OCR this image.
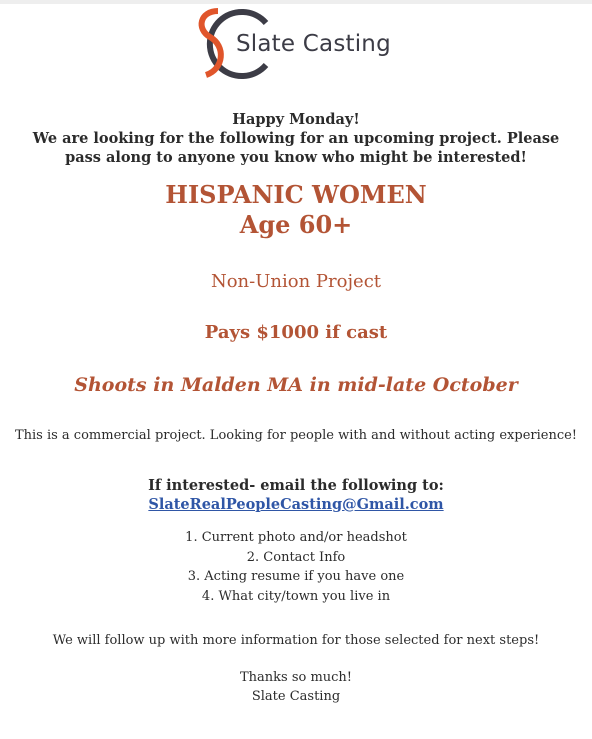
Slate Casting
Happy Monday!
We are looking for the following for an upcoming project. Please
pass along to anyone you know who might be interested!
HISPANIC WOMEN
Age 60+
Non-Union Project
Pays $1000 if cast
Shoots in Malden MA in mid-late October
This is a commercial project. Looking for people with and without acting experience!
If interested- email the following to:
SlateRealPeopleCasting@Gmail.com
1. Current photo and/or headshot
2. Contact Info
3. Acting resume if you have one
4. What city/town you live in
We will follow up with more information for those selected for next steps!
Thanks so much!
Slate Casting
